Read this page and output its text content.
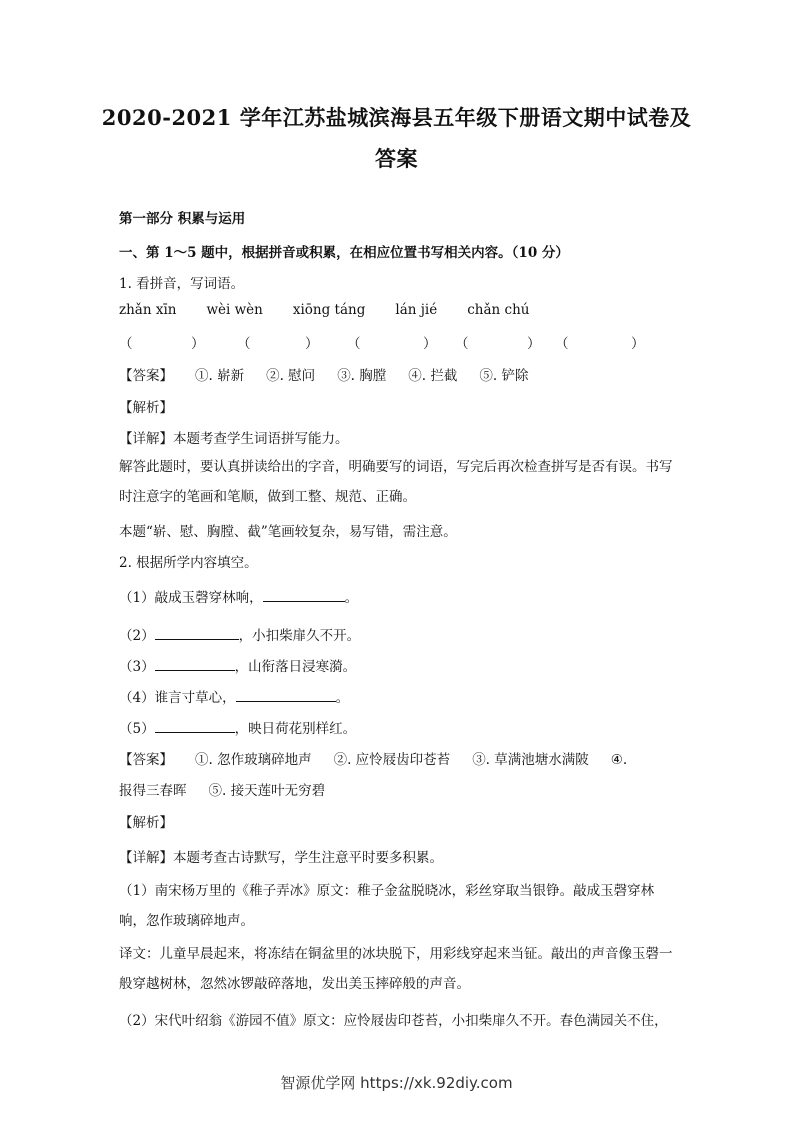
2020-2021 学年江苏盐城滨海县五年级下册语文期中试卷及
答案
第一部分 积累与运用
一、第 1～5 题中，根据拼音或积累，在相应位置书写相关内容。（10 分）
1. 看拼音，写词语。
zhǎn xīn wèi wèn xiōng táng lán jié chǎn chú
（	） （	） （	） （	） （	）
【答案】 ①. 崭新 ②. 慰问 ③. 胸膛 ④. 拦截 ⑤. 铲除
【解析】
【详解】本题考查学生词语拼写能力。
解答此题时，要认真拼读给出的字音，明确要写的词语，写完后再次检查拼写是否有误。书写时注意字的笔画和笔顺，做到工整、规范、正确。
本题“崭、慰、胸膛、截”笔画较复杂，易写错，需注意。
2. 根据所学内容填空。
（1）敲成玉磬穿林响，	。
（2）	，小扣柴扉久不开。
（3）	，山衔落日浸寒漪。
（4）谁言寸草心，	。
（5）	，映日荷花别样红。
【答案】 ①. 忽作玻璃碎地声 ②. 应怜屐齿印苍苔 ③. 草满池塘水满陂 ④.
报得三春晖 ⑤. 接天莲叶无穷碧
【解析】
【详解】本题考查古诗默写，学生注意平时要多积累。
（1）南宋杨万里的《稚子弄冰》原文：稚子金盆脱晓冰，彩丝穿取当银铮。敲成玉磬穿林响，忽作玻璃碎地声。
译文：儿童早晨起来，将冻结在铜盆里的冰块脱下，用彩线穿起来当钲。敲出的声音像玉磬一般穿越树林，忽然冰锣敲碎落地，发出美玉摔碎般的声音。
（2）宋代叶绍翁《游园不值》原文：应怜屐齿印苍苔，小扣柴扉久不开。春色满园关不住，
智源优学网 https://xk.92diy.com
